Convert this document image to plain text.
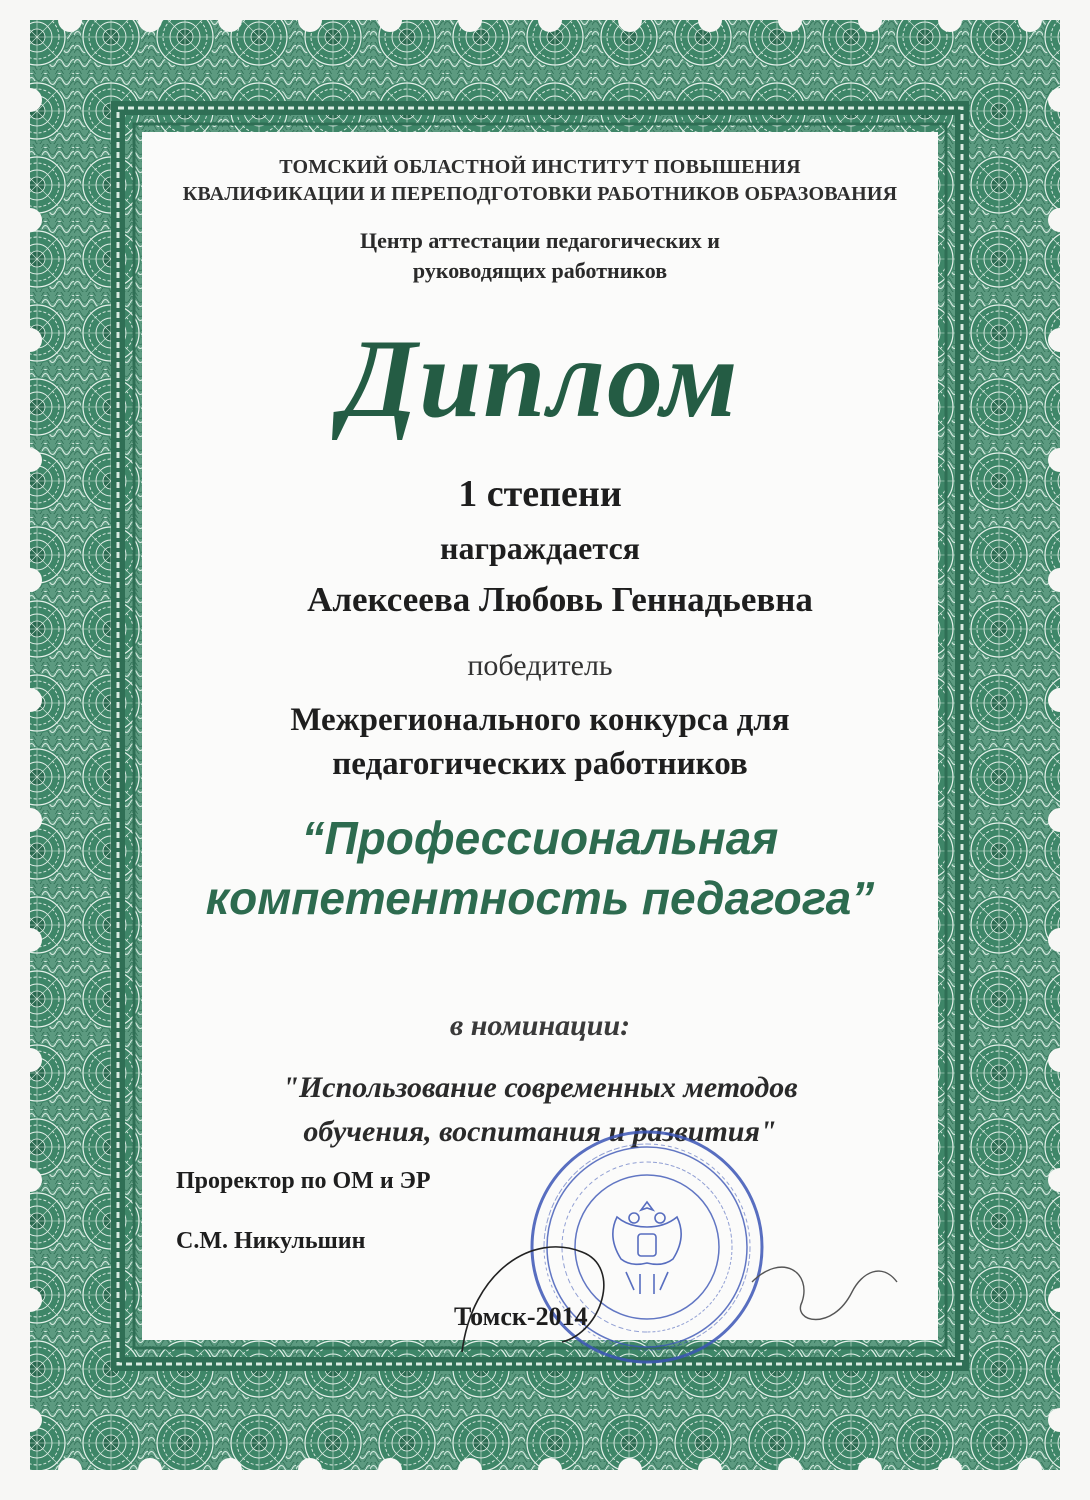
ТОМСКИЙ ОБЛАСТНОЙ ИНСТИТУТ ПОВЫШЕНИЯ
КВАЛИФИКАЦИИ И ПЕРЕПОДГОТОВКИ РАБОТНИКОВ ОБРАЗОВАНИЯ
Центр аттестации педагогических и
руководящих работников
Диплом
1 степени
награждается
Алексеева Любовь Геннадьевна
победитель
Межрегионального конкурса для
педагогических работников
“Профессиональная
компетентность педагога”
в номинации:
"Использование современных методов
обучения, воспитания и развития"
Проректор по ОМ и ЭР
С.М. Никульшин
Томск-2014
